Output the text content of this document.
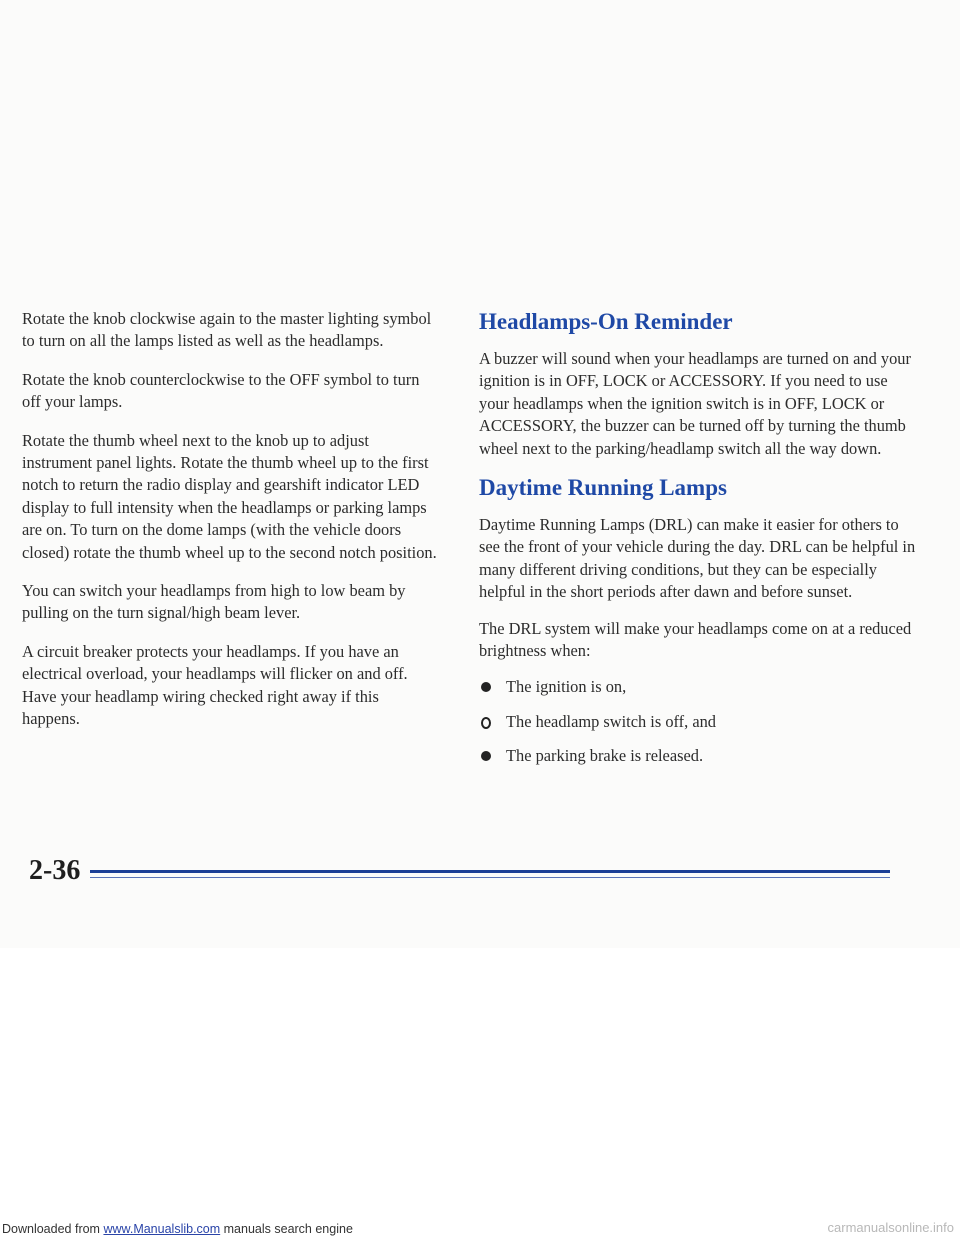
Rotate the knob clockwise again to the master lighting symbol to turn on all the lamps listed as well as the headlamps.

Rotate the knob counterclockwise to the OFF symbol to turn off your lamps.

Rotate the thumb wheel next to the knob up to adjust instrument panel lights. Rotate the thumb wheel up to the first notch to return the radio display and gearshift indicator LED display to full intensity when the headlamps or parking lamps are on. To turn on the dome lamps (with the vehicle doors closed) rotate the thumb wheel up to the second notch position.

You can switch your headlamps from high to low beam by pulling on the turn signal/high beam lever.

A circuit breaker protects your headlamps. If you have an electrical overload, your headlamps will flicker on and off. Have your headlamp wiring checked right away if this happens.

Headlamps-On Reminder

A buzzer will sound when your headlamps are turned on and your ignition is in OFF, LOCK or ACCESSORY. If you need to use your headlamps when the ignition switch is in OFF, LOCK or ACCESSORY, the buzzer can be turned off by turning the thumb wheel next to the parking/headlamp switch all the way down.

Daytime Running Lamps

Daytime Running Lamps (DRL) can make it easier for others to see the front of your vehicle during the day. DRL can be helpful in many different driving conditions, but they can be especially helpful in the short periods after dawn and before sunset.

The DRL system will make your headlamps come on at a reduced brightness when:

The ignition is on,
The headlamp switch is off, and
The parking brake is released.
2-36
Downloaded from www.Manualslib.com manuals search engine	carmanualsonline.info
